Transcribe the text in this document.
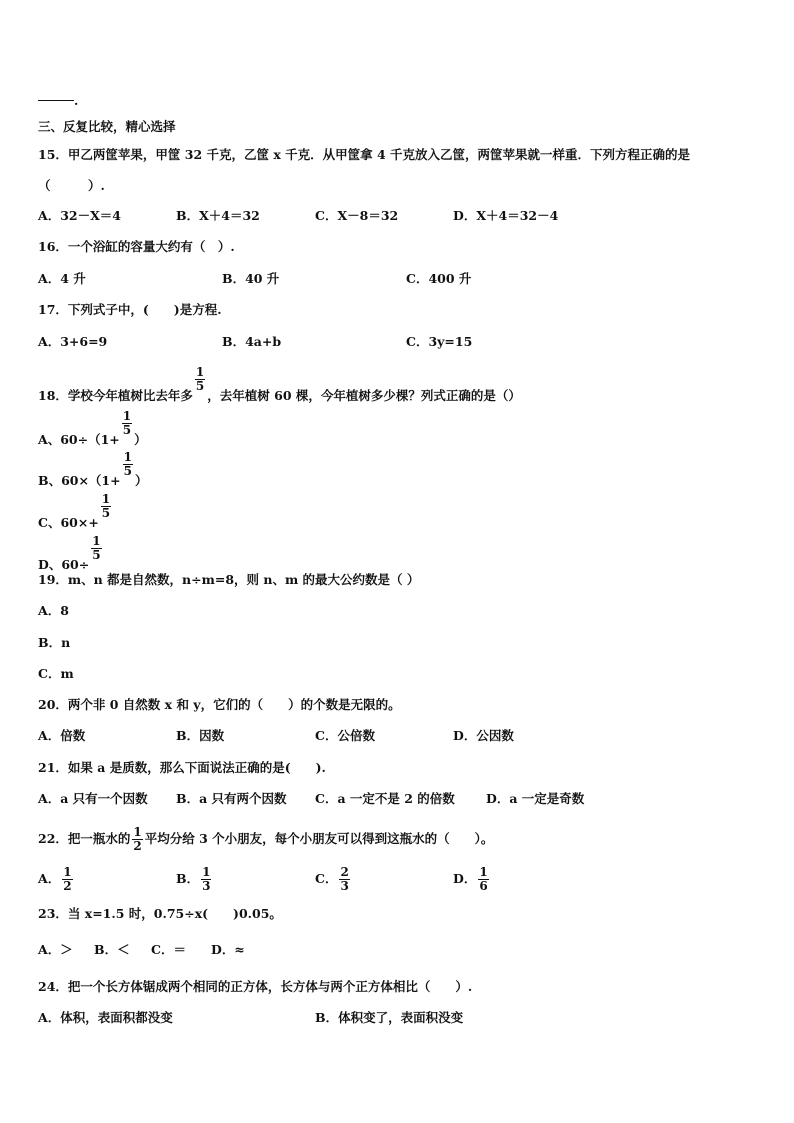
.
三、反复比较，精心选择
15．甲乙两筐苹果，甲筐 32 千克，乙筐 x 千克．从甲筐拿 4 千克放入乙筐，两筐苹果就一样重．下列方程正确的是
（　　　）.
A．32－X＝4	B．X＋4＝32	C．X－8＝32	D．X＋4＝32－4
16．一个浴缸的容量大约有（　）.
A．4 升	B．40 升	C．400 升
17．下列式子中，(　　)是方程.
A．3+6=9	B．4a+b	C．3y=15
18．学校今年植树比去年多
$\frac{1}{5}$
，去年植树 60 棵，今年植树多少棵？列式正确的是（）
A、60÷（1+
$\frac{1}{5}$
）
B、60×（1+
$\frac{1}{5}$
）
C、60×+
$\frac{1}{5}$
D、60÷
$\frac{1}{5}$
19．m、n 都是自然数，n÷m=8，则 n、m 的最大公约数是（ ）
A．8
B．n
C．m
20．两个非 0 自然数 x 和 y，它们的（　　）的个数是无限的。
A．倍数	B．因数	C．公倍数	D．公因数
21．如果 a 是质数，那么下面说法正确的是(　　).
A．a 只有一个因数 B．a 只有两个因数 C．a 一定不是 2 的倍数 D．a 一定是奇数
22．把一瓶水的 $\frac{1}{2}$ 平均分给 3 个小朋友，每个小朋友可以得到这瓶水的（　　）。
A． $\frac{1}{2}$	B． $\frac{1}{3}$	C． $\frac{2}{3}$	D． $\frac{1}{6}$
23．当 x=1.5 时，0.75÷x(　　)0.05。
A．＞ B．＜ C．＝ D．≈
24．把一个长方体锯成两个相同的正方体，长方体与两个正方体相比（　　）.
A．体积，表面积都没变	B．体积变了，表面积没变
